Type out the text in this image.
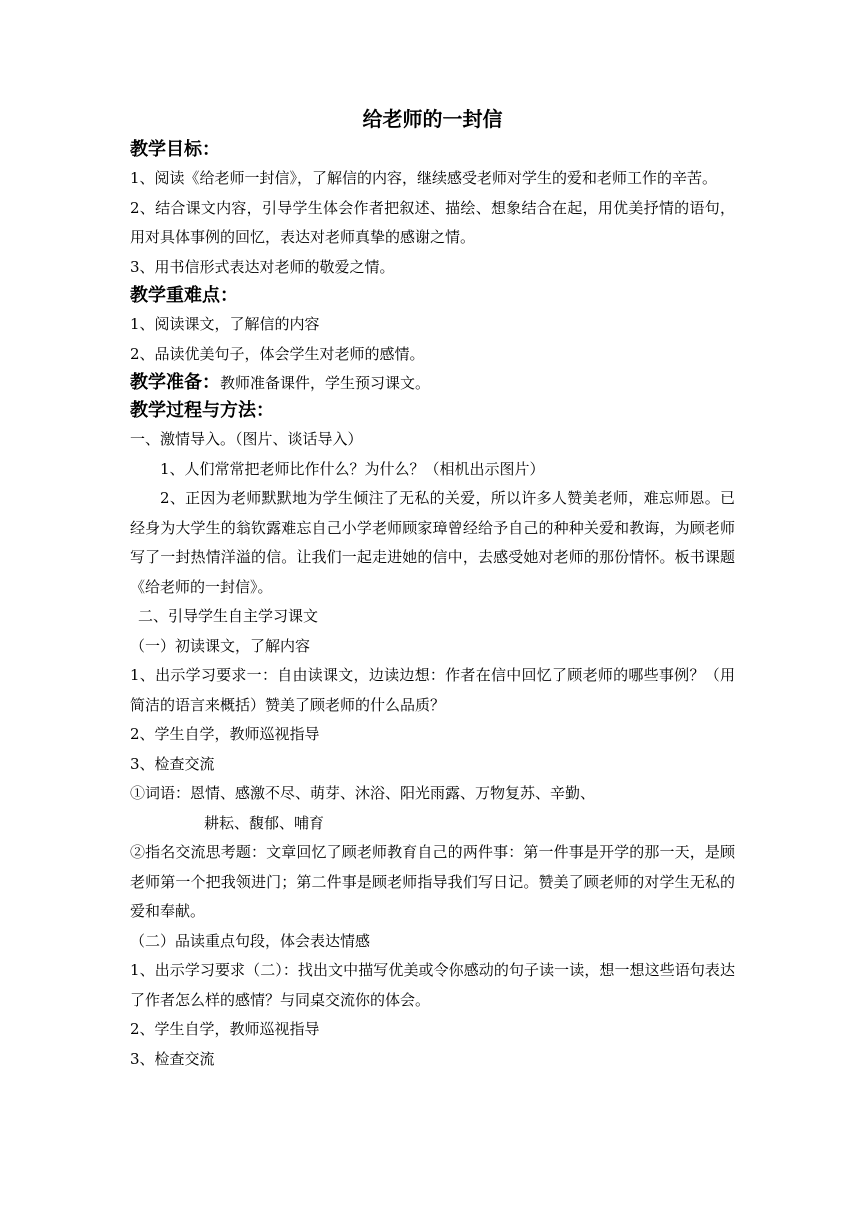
给老师的一封信
教学目标：

1、阅读《给老师一封信》，了解信的内容，继续感受老师对学生的爱和老师工作的辛苦。

2、结合课文内容，引导学生体会作者把叙述、描绘、想象结合在起，用优美抒情的语句，用对具体事例的回忆，表达对老师真挚的感谢之情。

3、用书信形式表达对老师的敬爱之情。

教学重难点：

1、阅读课文，了解信的内容

2、品读优美句子，体会学生对老师的感情。

教学准备：教师准备课件，学生预习课文。
教学过程与方法：

一、激情导入。（图片、谈话导入）

1、人们常常把老师比作什么？为什么？（相机出示图片）

2、正因为老师默默地为学生倾注了无私的关爱，所以许多人赞美老师，难忘师恩。已经身为大学生的翁钦露难忘自己小学老师顾家璋曾经给予自己的种种关爱和教诲，为顾老师写了一封热情洋溢的信。让我们一起走进她的信中，去感受她对老师的那份情怀。板书课题《给老师的一封信》。

二、引导学生自主学习课文

（一）初读课文，了解内容

1、出示学习要求一：自由读课文，边读边想：作者在信中回忆了顾老师的哪些事例？（用简洁的语言来概括）赞美了顾老师的什么品质？

2、学生自学，教师巡视指导

3、检查交流

①词语：恩情、感激不尽、萌芽、沐浴、阳光雨露、万物复苏、辛勤、

耕耘、馥郁、哺育

②指名交流思考题：文章回忆了顾老师教育自己的两件事：第一件事是开学的那一天，是顾老师第一个把我领进门；第二件事是顾老师指导我们写日记。赞美了顾老师的对学生无私的爱和奉献。

（二）品读重点句段，体会表达情感

1、出示学习要求（二）：找出文中描写优美或令你感动的句子读一读，想一想这些语句表达了作者怎么样的感情？与同桌交流你的体会。

2、学生自学，教师巡视指导

3、检查交流
